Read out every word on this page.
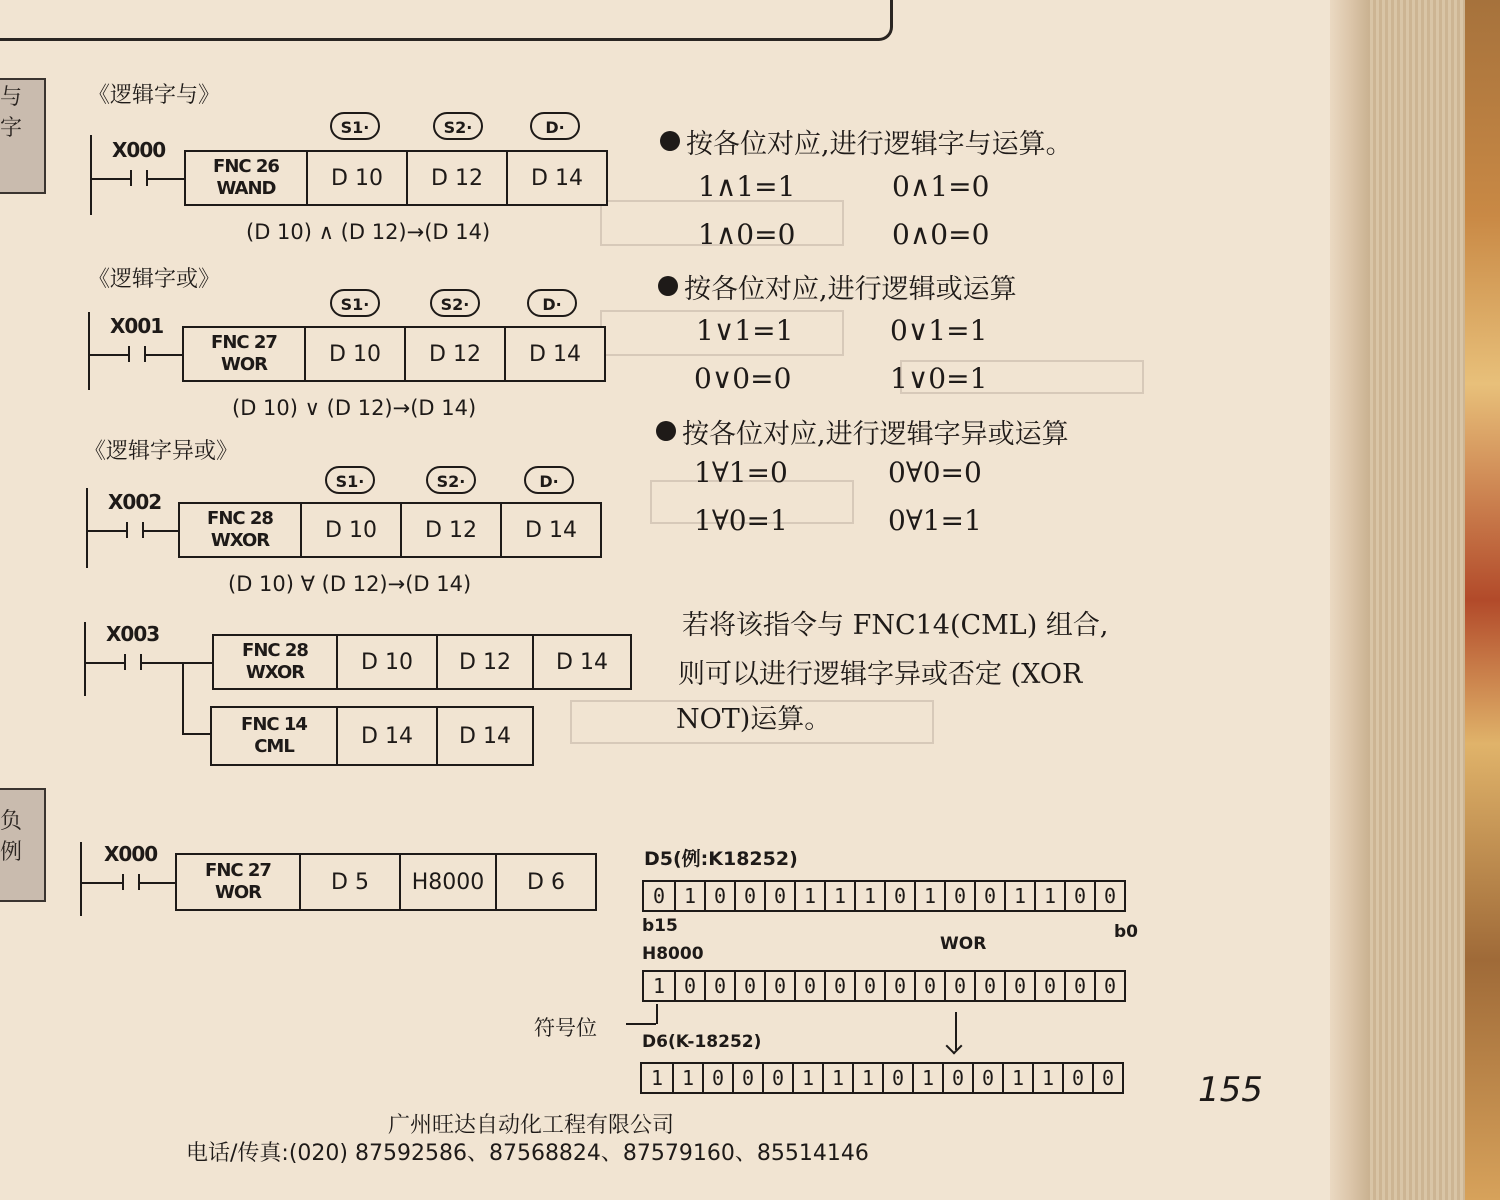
与
字
负
例
《逻辑字与》
S1·	S2·	D·
X000
FNC 26
WAND	D 10	D 12	D 14
(D 10) ∧ (D 12)→(D 14)
《逻辑字或》
S1·	S2·	D·
X001
FNC 27
WOR	D 10	D 12	D 14
(D 10) ∨ (D 12)→(D 14)
《逻辑字异或》
S1·	S2·	D·
X002
FNC 28
WXOR	D 10	D 12	D 14
(D 10) ∀ (D 12)→(D 14)
X003
FNC 28
WXOR	D 10	D 12	D 14
FNC 14
CML	D 14	D 14
X000
FNC 27
WOR	D 5	H8000	D 6
按各位对应,进行逻辑字与运算。
1∧1=1	0∧1=0
1∧0=0	0∧0=0
按各位对应,进行逻辑或运算
1∨1=1	0∨1=1
0∨0=0	1∨0=1
按各位对应,进行逻辑字异或运算
1∀1=0	0∀0=0
1∀0=1	0∀1=1
若将该指令与 FNC14(CML) 组合,
则可以进行逻辑字异或否定 (XOR
NOT)运算。
D5(例:K18252)
0 1 0 0 0 1 1 1 0 1 0 0 1 1 0 0
b15	b0
WOR
H8000
1 0 0 0 0 0 0 0 0 0 0 0 0 0 0 0
符号位
D6(K-18252)
1 1 0 0 0 1 1 1 0 1 0 0 1 1 0 0 155
广州旺达自动化工程有限公司
电话/传真:(020) 87592586、87568824、87579160、85514146
